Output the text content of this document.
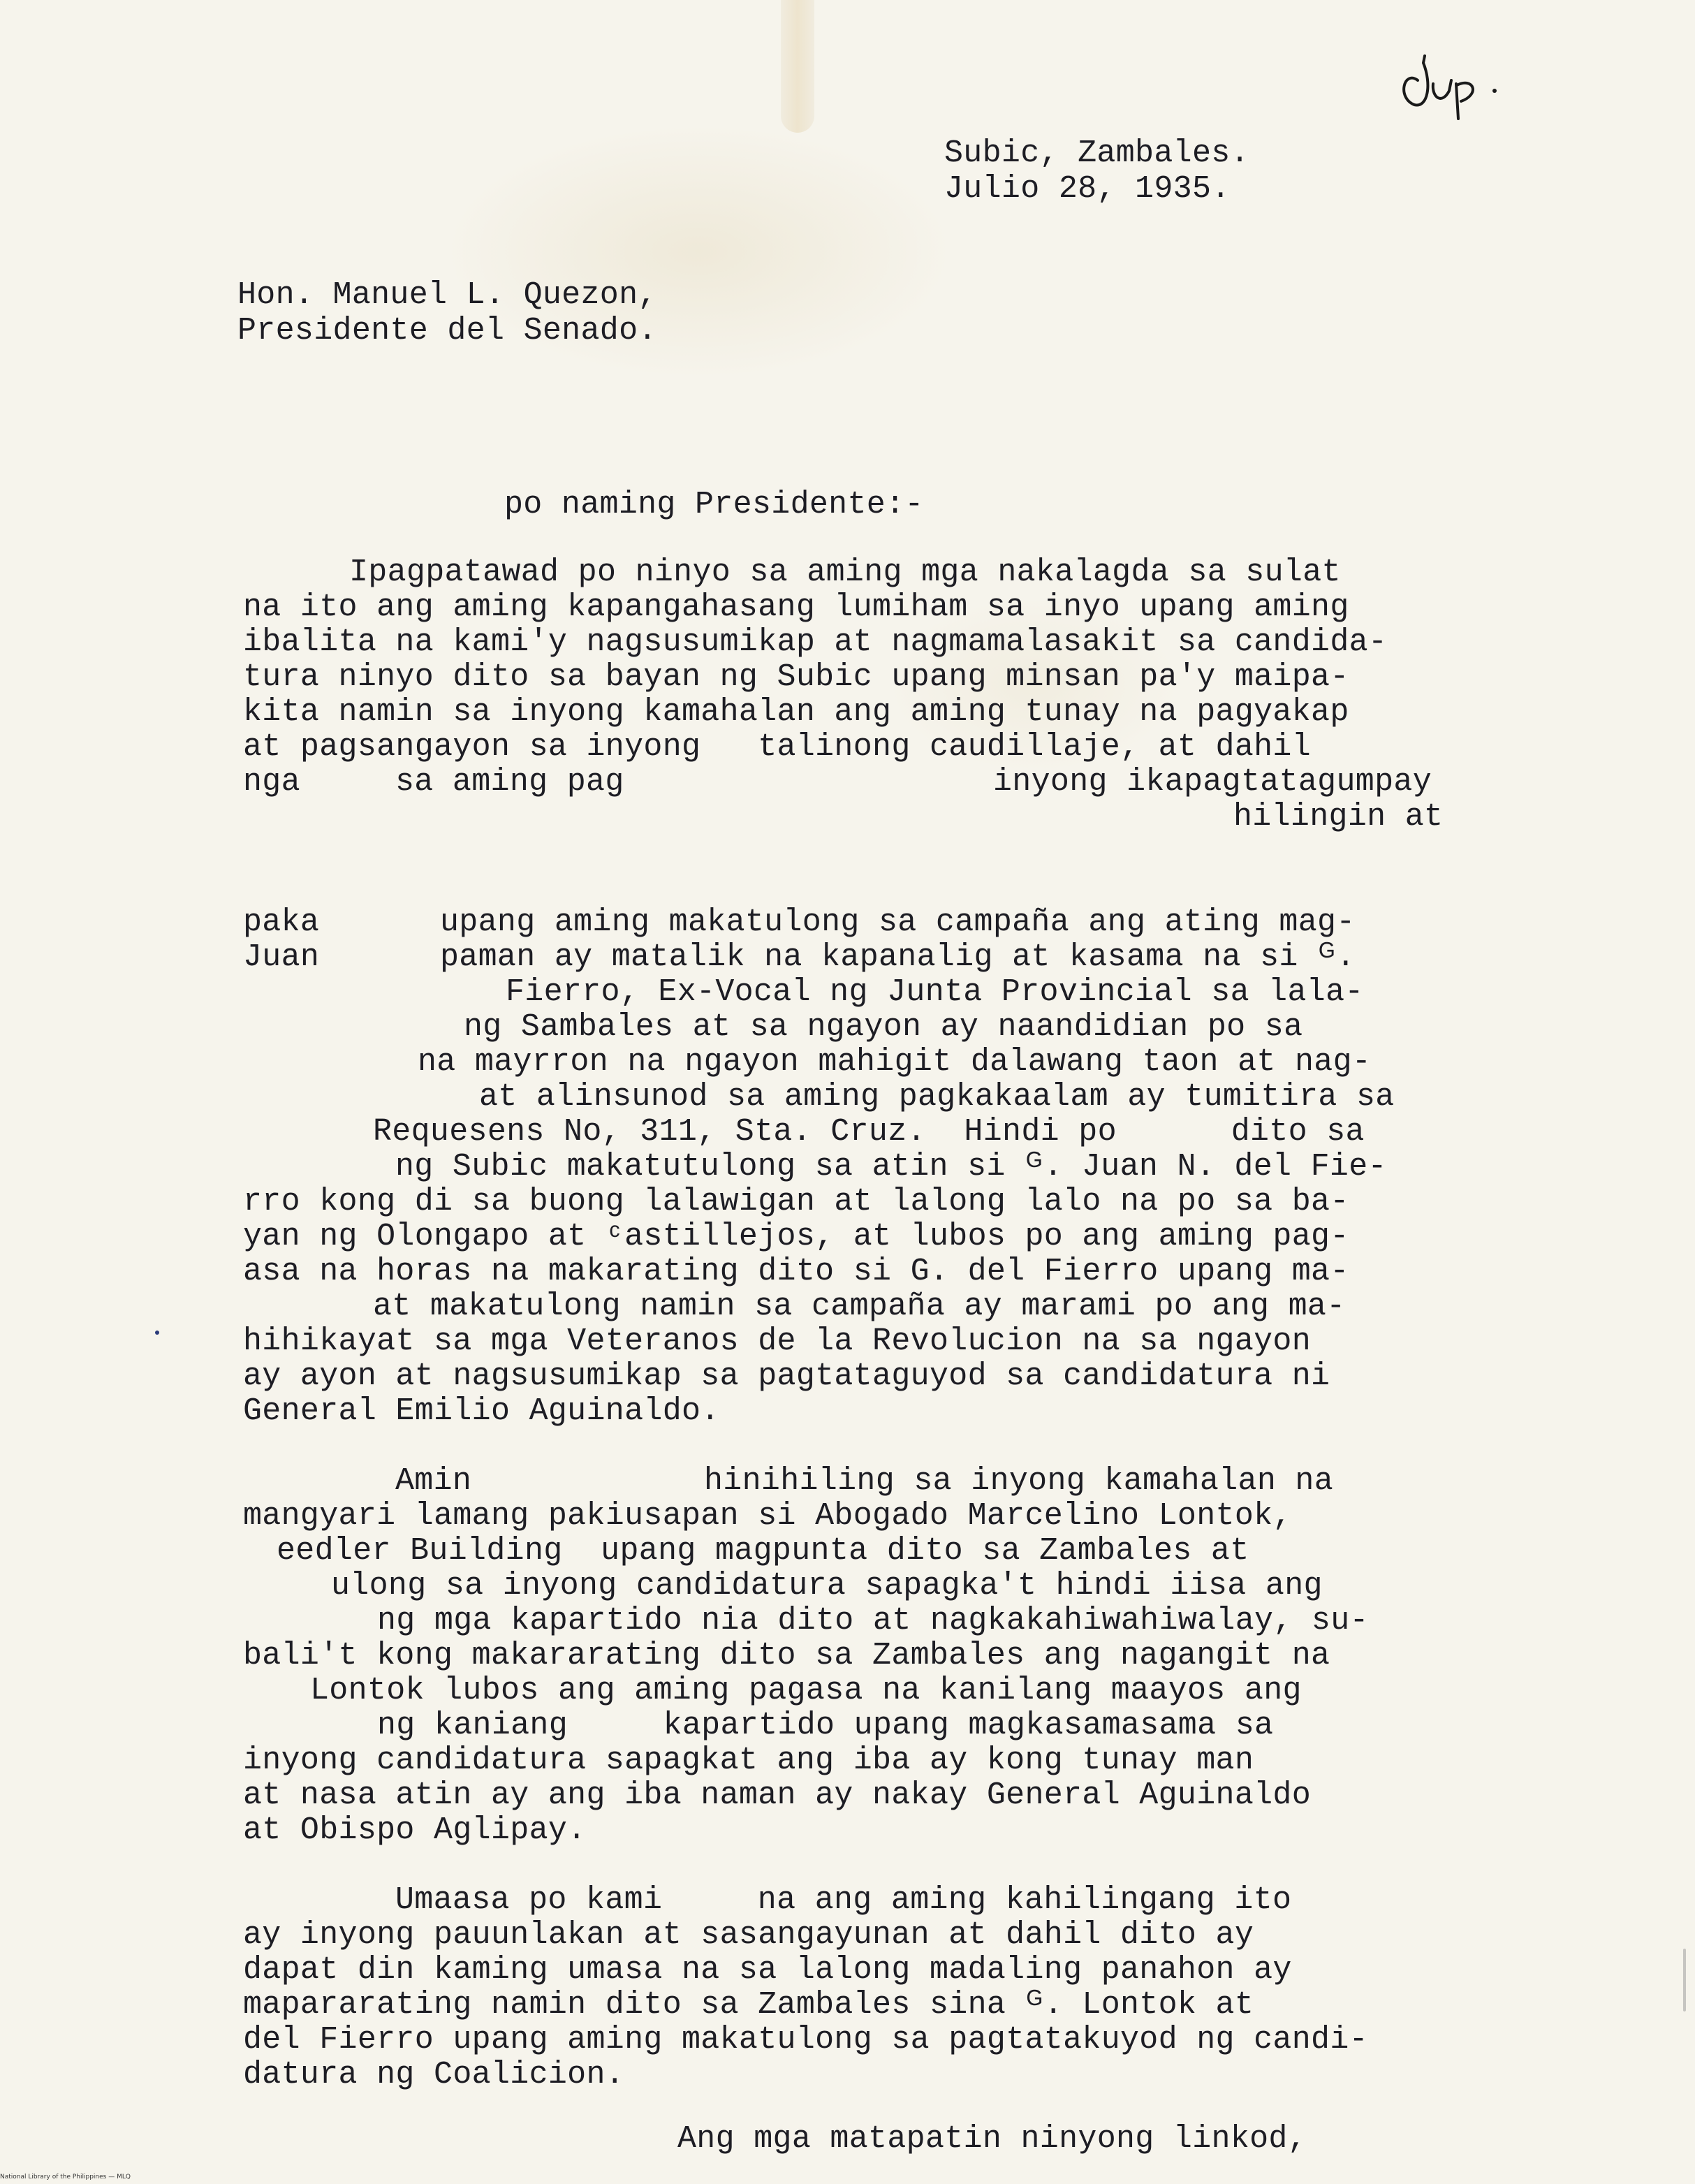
Subic, Zambales.
Julio 28, 1935.
Hon. Manuel L. Quezon,
Presidente del Senado.
po naming Presidente:-
Ipagpatawad po ninyo sa aming mga nakalagda sa sulat
na ito ang aming kapangahasang lumiham sa inyo upang aming
ibalita na kami'y nagsusumikap at nagmamalasakit sa candida-
tura ninyo dito sa bayan ng Subic upang minsan pa'y maipa-
kita namin sa inyong kamahalan ang aming tunay na pagyakap
at pagsangayon sa inyong   talinong caudillaje, at dahil
nga	sa aming pag	inyong ikapagtatagumpay
hilingin at
paka	upang aming makatulong sa campaña ang ating mag-
Juan	paman ay matalik na kapanalig at kasama na si ᴳ.
Fierro, Ex-Vocal ng Junta Provincial sa lala-
ng Sambales at sa ngayon ay naandidian po sa
na mayrron na ngayon mahigit dalawang taon at nag-
at alinsunod sa aming pagkakaalam ay tumitira sa
Requesens No, 311, Sta. Cruz.  Hindi po      dito sa
ng Subic makatutulong sa atin si ᴳ. Juan N. del Fie-
rro kong di sa buong lalawigan at lalong lalo na po sa ba-
yan ng Olongapo at ᶜastillejos, at lubos po ang aming pag-
asa na horas na makarating dito si G. del Fierro upang ma-
at makatulong namin sa campaña ay marami po ang ma-
hihikayat sa mga Veteranos de la Revolucion na sa ngayon
ay ayon at nagsusumikap sa pagtataguyod sa candidatura ni
General Emilio Aguinaldo.
Amin	hinihiling sa inyong kamahalan na
mangyari lamang pakiusapan si Abogado Marcelino Lontok,
eedler Building  upang magpunta dito sa Zambales at
ulong sa inyong candidatura sapagka't hindi iisa ang
ng mga kapartido nia dito at nagkakahiwahiwalay, su-
bali't kong makararating dito sa Zambales ang nagangit na
Lontok lubos ang aming pagasa na kanilang maayos ang
ng kaniang     kapartido upang magkasamasama sa
inyong candidatura sapagkat ang iba ay kong tunay man
at nasa atin ay ang iba naman ay nakay General Aguinaldo
at Obispo Aglipay.
Umaasa po kami     na ang aming kahilingang ito
ay inyong pauunlakan at sasangayunan at dahil dito ay
dapat din kaming umasa na sa lalong madaling panahon ay
mapararating namin dito sa Zambales sina ᴳ. Lontok at
del Fierro upang aming makatulong sa pagtatakuyod ng candi-
datura ng Coalicion.
Ang mga matapatin ninyong linkod,
National Library of the Philippines — MLQ
